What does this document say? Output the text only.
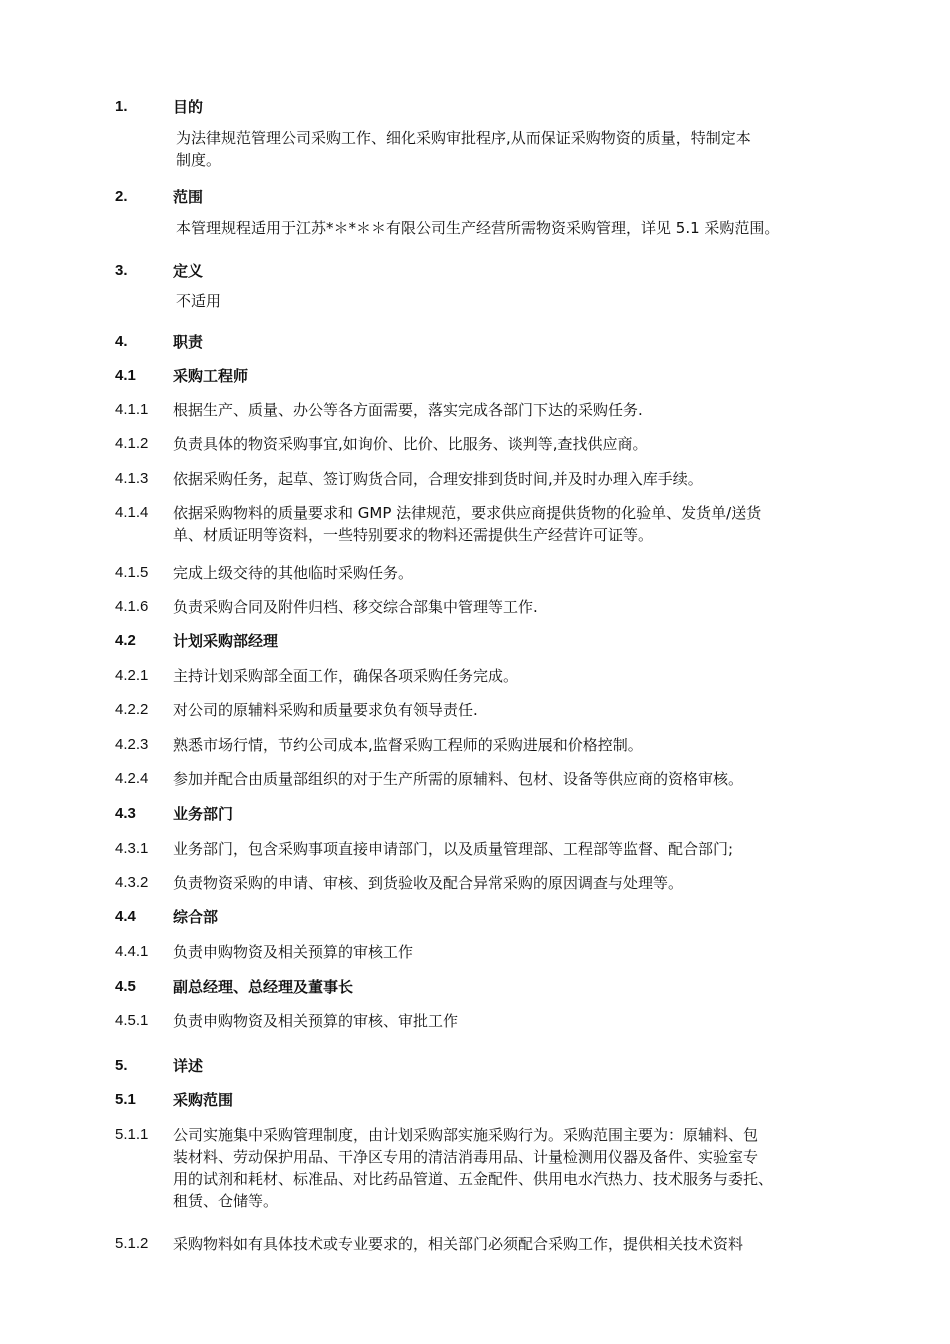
1.	目的
为法律规范管理公司采购工作、细化采购审批程序,从而保证采购物资的质量，特制定本
制度。
2.	范围
本管理规程适用于江苏*＊*＊＊有限公司生产经营所需物资采购管理，详见 5.1 采购范围。
3.	定义
不适用
4.	职责
4.1	采购工程师
4.1.1	根据生产、质量、办公等各方面需要，落实完成各部门下达的采购任务.
4.1.2	负责具体的物资采购事宜,如询价、比价、比服务、谈判等,查找供应商。
4.1.3	依据采购任务，起草、签订购货合同，合理安排到货时间,并及时办理入库手续。
4.1.4	依据采购物料的质量要求和 GMP 法律规范，要求供应商提供货物的化验单、发货单/送货
单、材质证明等资料，一些特别要求的物料还需提供生产经营许可证等。
4.1.5	完成上级交待的其他临时采购任务。
4.1.6	负责采购合同及附件归档、移交综合部集中管理等工作.
4.2	计划采购部经理
4.2.1	主持计划采购部全面工作，确保各项采购任务完成。
4.2.2	对公司的原辅料采购和质量要求负有领导责任.
4.2.3	熟悉市场行情，节约公司成本,监督采购工程师的采购进展和价格控制。
4.2.4	参加并配合由质量部组织的对于生产所需的原辅料、包材、设备等供应商的资格审核。
4.3	业务部门
4.3.1	业务部门，包含采购事项直接申请部门，以及质量管理部、工程部等监督、配合部门;
4.3.2	负责物资采购的申请、审核、到货验收及配合异常采购的原因调查与处理等。
4.4	综合部
4.4.1	负责申购物资及相关预算的审核工作
4.5	副总经理、总经理及董事长
4.5.1	负责申购物资及相关预算的审核、审批工作
5.	详述
5.1	采购范围
5.1.1	公司实施集中采购管理制度，由计划采购部实施采购行为。采购范围主要为：原辅料、包
装材料、劳动保护用品、干净区专用的清洁消毒用品、计量检测用仪器及备件、实验室专
用的试剂和耗材、标准品、对比药品管道、五金配件、供用电水汽热力、技术服务与委托、
租赁、仓储等。
5.1.2	采购物料如有具体技术或专业要求的，相关部门必须配合采购工作，提供相关技术资料
